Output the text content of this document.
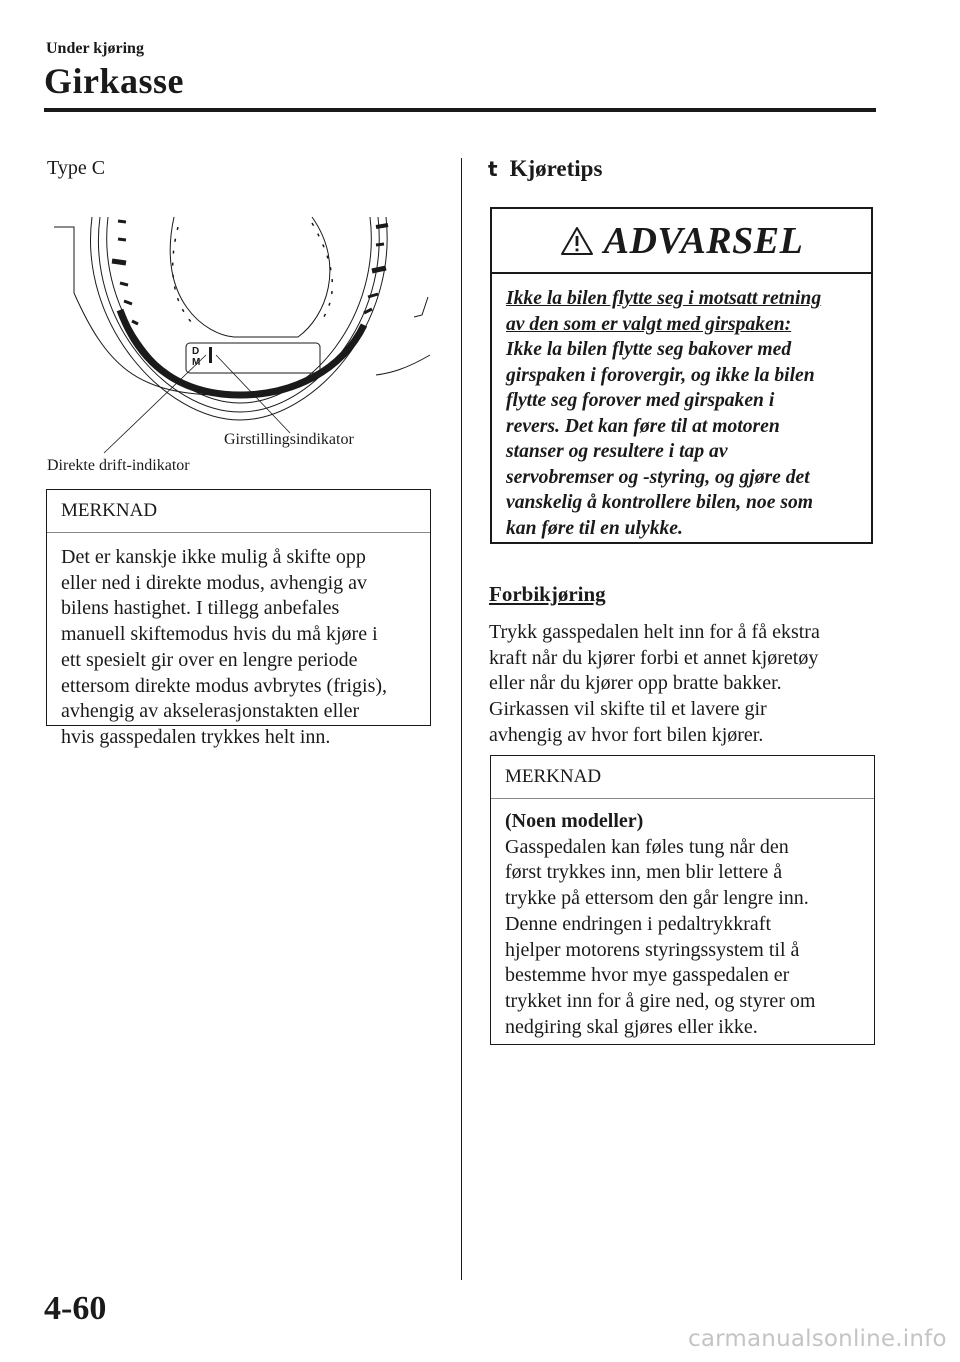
Under kjøring
Girkasse
Type C
D
M
Girstillingsindikator
Direkte drift-indikator
MERKNAD
Det er kanskje ikke mulig å skifte opp
eller ned i direkte modus, avhengig av
bilens hastighet. I tillegg anbefales
manuell skiftemodus hvis du må kjøre i
ett spesielt gir over en lengre periode
ettersom direkte modus avbrytes (frigis),
avhengig av akselerasjonstakten eller
hvis gasspedalen trykkes helt inn.
t Kjøretips
ADVARSEL
Ikke la bilen flytte seg i motsatt retning
av den som er valgt med girspaken:
Ikke la bilen flytte seg bakover med
girspaken i forovergir, og ikke la bilen
flytte seg forover med girspaken i
revers. Det kan føre til at motoren
stanser og resultere i tap av
servobremser og -styring, og gjøre det
vanskelig å kontrollere bilen, noe som
kan føre til en ulykke.
Forbikjøring
Trykk gasspedalen helt inn for å få ekstra
kraft når du kjører forbi et annet kjøretøy
eller når du kjører opp bratte bakker.
Girkassen vil skifte til et lavere gir
avhengig av hvor fort bilen kjører.
MERKNAD
(Noen modeller)
Gasspedalen kan føles tung når den
først trykkes inn, men blir lettere å
trykke på ettersom den går lengre inn.
Denne endringen i pedaltrykkraft
hjelper motorens styringssystem til å
bestemme hvor mye gasspedalen er
trykket inn for å gire ned, og styrer om
nedgiring skal gjøres eller ikke.
4-60
carmanualsonline.info
